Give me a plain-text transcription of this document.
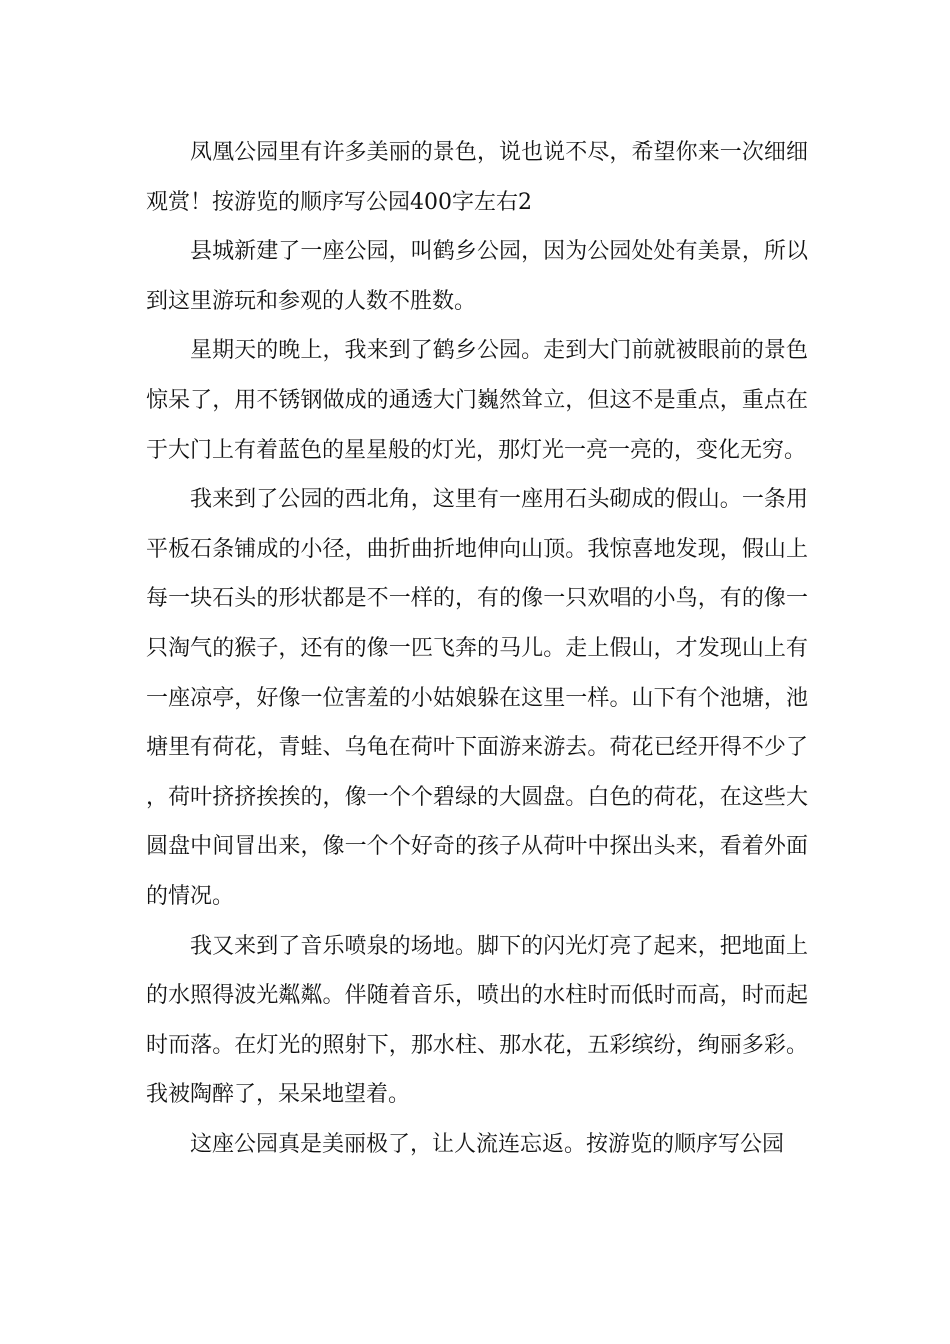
凤凰公园里有许多美丽的景色，说也说不尽，希望你来一次细细观赏！按游览的顺序写公园400字左右2

县城新建了一座公园，叫鹤乡公园，因为公园处处有美景，所以到这里游玩和参观的人数不胜数。

星期天的晚上，我来到了鹤乡公园。走到大门前就被眼前的景色惊呆了，用不锈钢做成的通透大门巍然耸立，但这不是重点，重点在于大门上有着蓝色的星星般的灯光，那灯光一亮一亮的，变化无穷。

我来到了公园的西北角，这里有一座用石头砌成的假山。一条用平板石条铺成的小径，曲折曲折地伸向山顶。我惊喜地发现，假山上每一块石头的形状都是不一样的，有的像一只欢唱的小鸟，有的像一只淘气的猴子，还有的像一匹飞奔的马儿。走上假山，才发现山上有一座凉亭，好像一位害羞的小姑娘躲在这里一样。山下有个池塘，池塘里有荷花，青蛙、乌龟在荷叶下面游来游去。荷花已经开得不少了，荷叶挤挤挨挨的，像一个个碧绿的大圆盘。白色的荷花，在这些大圆盘中间冒出来，像一个个好奇的孩子从荷叶中探出头来，看着外面的情况。

我又来到了音乐喷泉的场地。脚下的闪光灯亮了起来，把地面上的水照得波光粼粼。伴随着音乐，喷出的水柱时而低时而高，时而起时而落。在灯光的照射下，那水柱、那水花，五彩缤纷，绚丽多彩。我被陶醉了，呆呆地望着。

这座公园真是美丽极了，让人流连忘返。按游览的顺序写公园
